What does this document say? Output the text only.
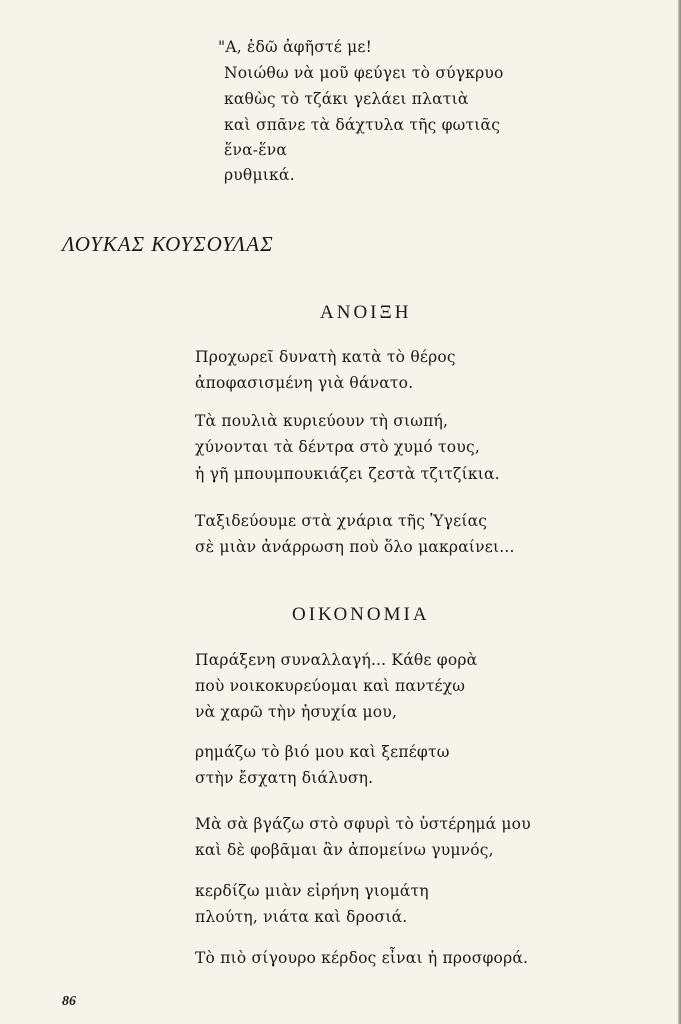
"Α, ἐδῶ ἀφῆστέ με!
Νοιώθω νὰ μοῦ φεύγει τὸ σύγκρυο
καθὼς τὸ τζάκι γελάει πλατιὰ
καὶ σπᾶνε τὰ δάχτυλα τῆς φωτιᾶς
ἕνα-ἕνα
ρυθμικά.
ΛΟΥΚΑΣ ΚΟΥΣΟΥΛΑΣ
ΑΝΟΙΞΗ
Προχωρεῖ δυνατὴ κατὰ τὸ θέρος
ἀποφασισμένη γιὰ θάνατο.
Τὰ πουλιὰ κυριεύουν τὴ σιωπή,
χύνονται τὰ δέντρα στὸ χυμό τους,
ἡ γῆ μπουμπουκιάζει ζεστὰ τζιτζίκια.
Ταξιδεύουμε στὰ χνάρια τῆς Ὑγείας
σὲ μιὰν ἀνάρρωση ποὺ ὅλο μακραίνει...
ΟΙΚΟΝΟΜΙΑ
Παράξενη συναλλαγή... Κάθε φορὰ
ποὺ νοικοκυρεύομαι καὶ παντέχω
νὰ χαρῶ τὴν ἡσυχία μου,
ρημάζω τὸ βιό μου καὶ ξεπέφτω
στὴν ἔσχατη διάλυση.
Μὰ σὰ βγάζω στὸ σφυρὶ τὸ ὑστέρημά μου
καὶ δὲ φοβᾶμαι ἂν ἀπομείνω γυμνός,
κερδίζω μιὰν εἰρήνη γιομάτη
πλούτη, νιάτα καὶ δροσιά.
Τὸ πιὸ σίγουρο κέρδος εἶναι ἡ προσφορά.
86
